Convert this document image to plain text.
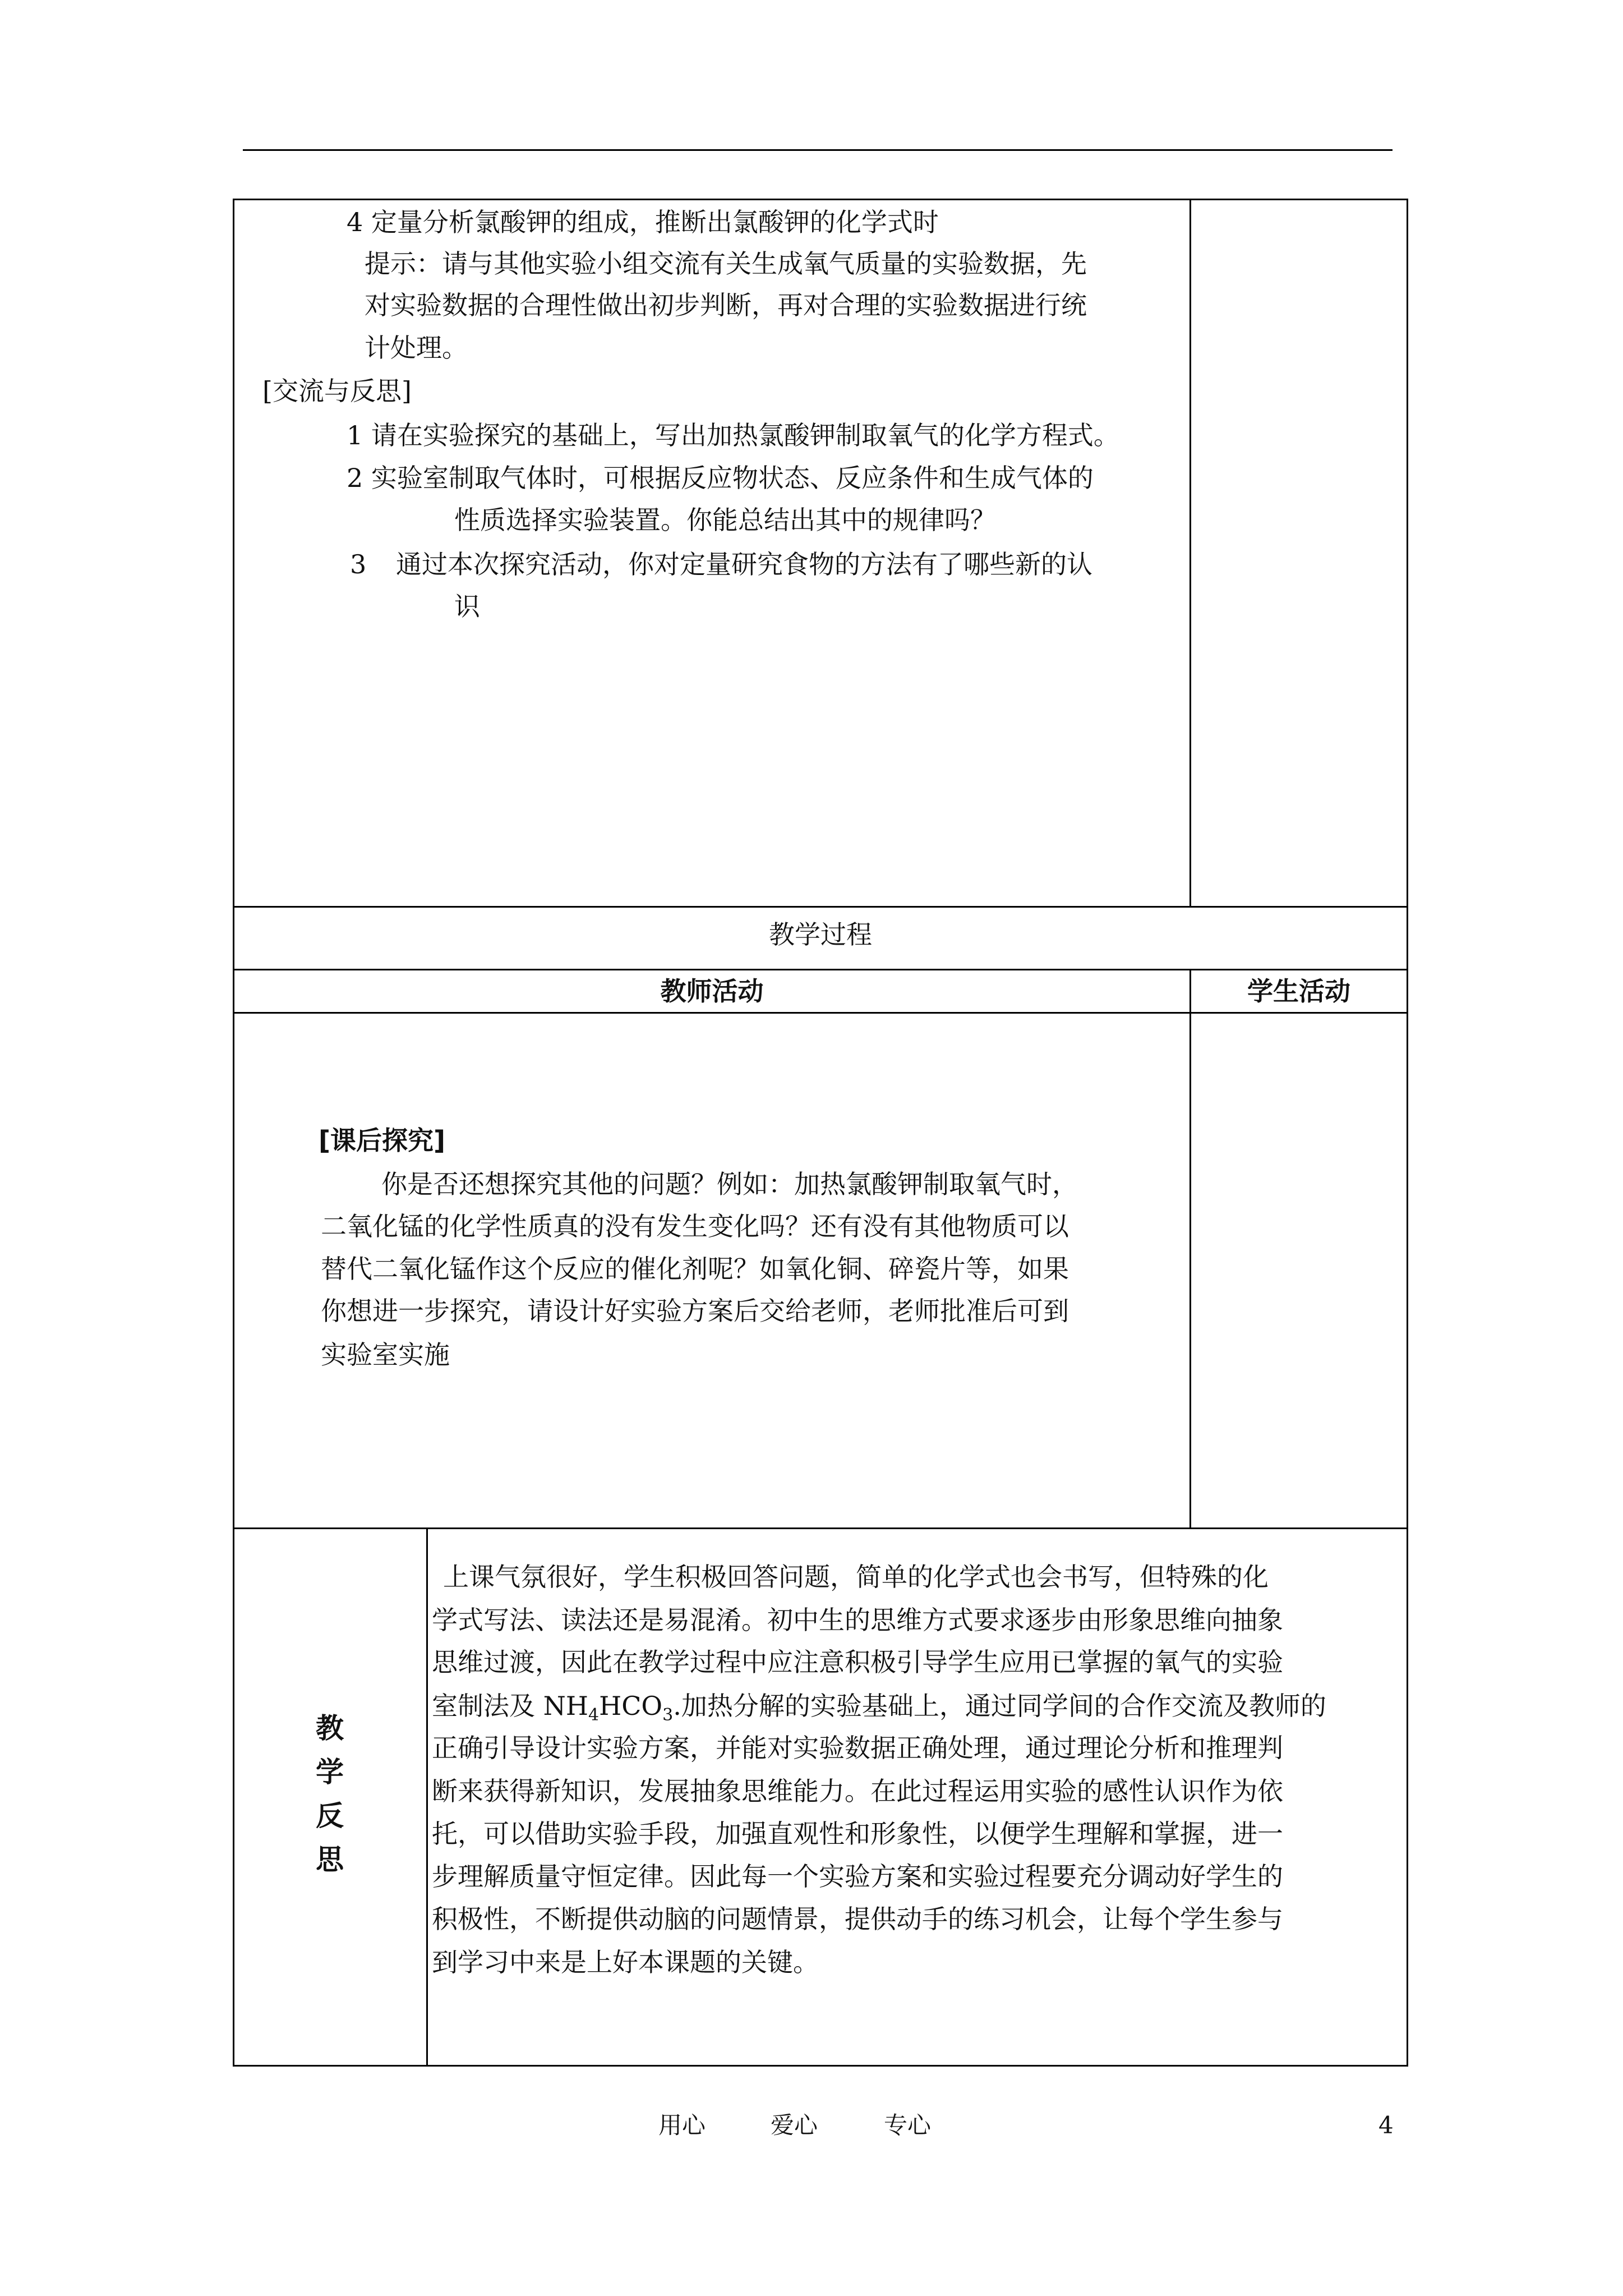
4 定量分析氯酸钾的组成，推断出氯酸钾的化学式时
提示：请与其他实验小组交流有关生成氧气质量的实验数据，先
对实验数据的合理性做出初步判断，再对合理的实验数据进行统
计处理。
[交流与反思]
1 请在实验探究的基础上，写出加热氯酸钾制取氧气的化学方程式。
2 实验室制取气体时，可根据反应物状态、反应条件和生成气体的
性质选择实验装置。你能总结出其中的规律吗？
3 通过本次探究活动，你对定量研究食物的方法有了哪些新的认
识
教学过程
教师活动	学生活动
[课后探究]
你是否还想探究其他的问题？例如：加热氯酸钾制取氧气时，
二氧化锰的化学性质真的没有发生变化吗？还有没有其他物质可以
替代二氧化锰作这个反应的催化剂呢？如氧化铜、碎瓷片等，如果
你想进一步探究，请设计好实验方案后交给老师，老师批准后可到
实验室实施
教
学
反
思
上课气氛很好，学生积极回答问题，简单的化学式也会书写，但特殊的化
学式写法、读法还是易混淆。初中生的思维方式要求逐步由形象思维向抽象
思维过渡，因此在教学过程中应注意积极引导学生应用已掌握的氧气的实验
室制法及 $NH_4HCO_3$.加热分解的实验基础上，通过同学间的合作交流及教师的
正确引导设计实验方案，并能对实验数据正确处理，通过理论分析和推理判
断来获得新知识，发展抽象思维能力。在此过程运用实验的感性认识作为依
托，可以借助实验手段，加强直观性和形象性，以便学生理解和掌握，进一
步理解质量守恒定律。因此每一个实验方案和实验过程要充分调动好学生的
积极性，不断提供动脑的问题情景，提供动手的练习机会，让每个学生参与
到学习中来是上好本课题的关键。
用心	爱心	专心	4
